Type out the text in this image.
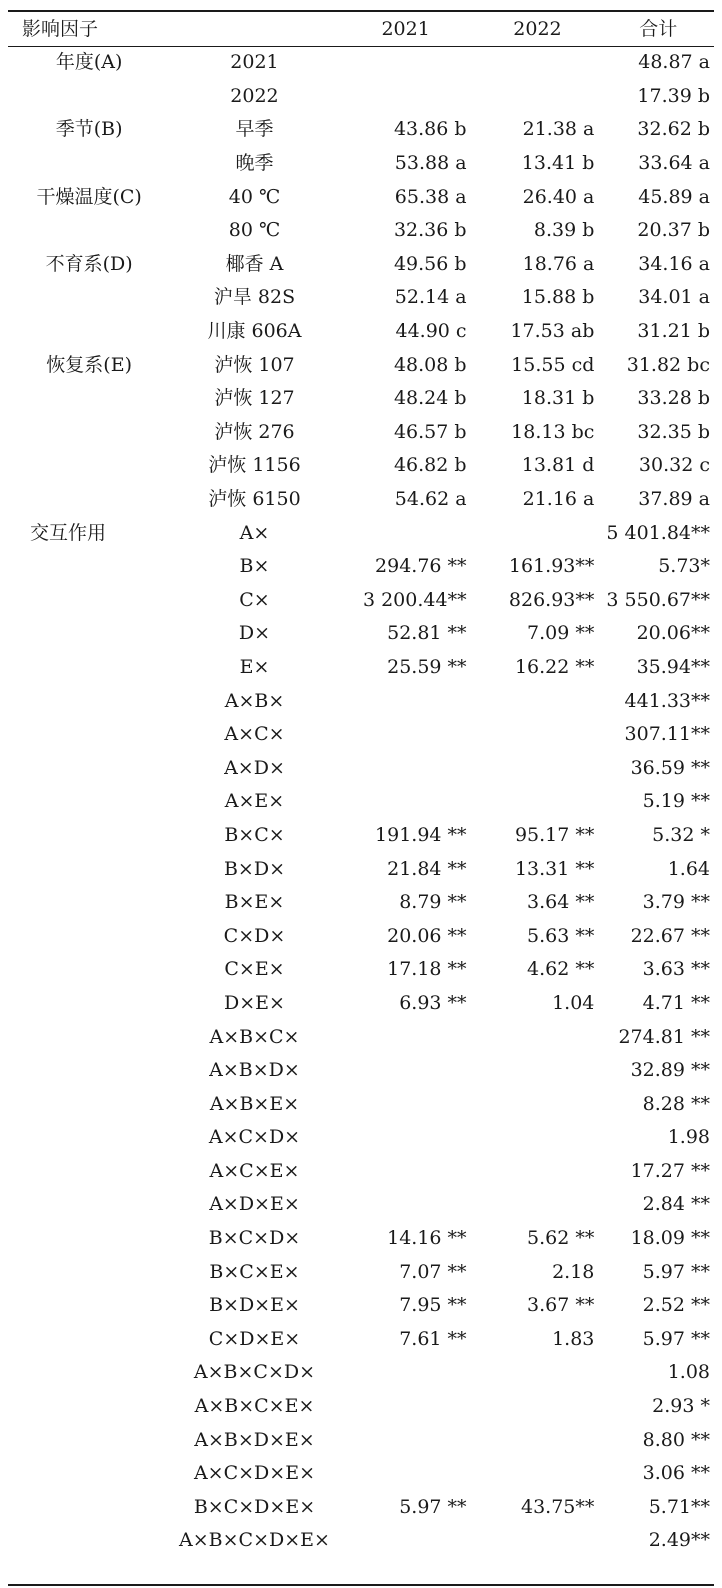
影响因子		2021	2022	合计
年度(A)	2021			48.87 a
	2022			17.39 b
季节(B)	早季	43.86 b	21.38 a	32.62 b
	晚季	53.88 a	13.41 b	33.64 a
干燥温度(C)	40 ℃	65.38 a	26.40 a	45.89 a
	80 ℃	32.36 b	8.39 b	20.37 b
不育系(D)	椰香 A	49.56 b	18.76 a	34.16 a
	沪旱 82S	52.14 a	15.88 b	34.01 a
	川康 606A	44.90 c	17.53 ab	31.21 b
恢复系(E)	泸恢 107	48.08 b	15.55 cd	31.82 bc
	泸恢 127	48.24 b	18.31 b	33.28 b
	泸恢 276	46.57 b	18.13 bc	32.35 b
	泸恢 1156	46.82 b	13.81 d	30.32 c
	泸恢 6150	54.62 a	21.16 a	37.89 a
交互作用	A×			5 401.84**
	B×	294.76 **	161.93**	5.73*
	C×	3 200.44**	826.93**	3 550.67**
	D×	52.81 **	7.09 **	20.06**
	E×	25.59 **	16.22 **	35.94**
	A×B×			441.33**
	A×C×			307.11**
	A×D×			36.59 **
	A×E×			5.19 **
	B×C×	191.94 **	95.17 **	5.32 *
	B×D×	21.84 **	13.31 **	1.64
	B×E×	8.79 **	3.64 **	3.79 **
	C×D×	20.06 **	5.63 **	22.67 **
	C×E×	17.18 **	4.62 **	3.63 **
	D×E×	6.93 **	1.04	4.71 **
	A×B×C×			274.81 **
	A×B×D×			32.89 **
	A×B×E×			8.28 **
	A×C×D×			1.98
	A×C×E×			17.27 **
	A×D×E×			2.84 **
	B×C×D×	14.16 **	5.62 **	18.09 **
	B×C×E×	7.07 **	2.18	5.97 **
	B×D×E×	7.95 **	3.67 **	2.52 **
	C×D×E×	7.61 **	1.83	5.97 **
	A×B×C×D×			1.08
	A×B×C×E×			2.93 *
	A×B×D×E×			8.80 **
	A×C×D×E×			3.06 **
	B×C×D×E×	5.97 **	43.75**	5.71**
	A×B×C×D×E×			2.49**
